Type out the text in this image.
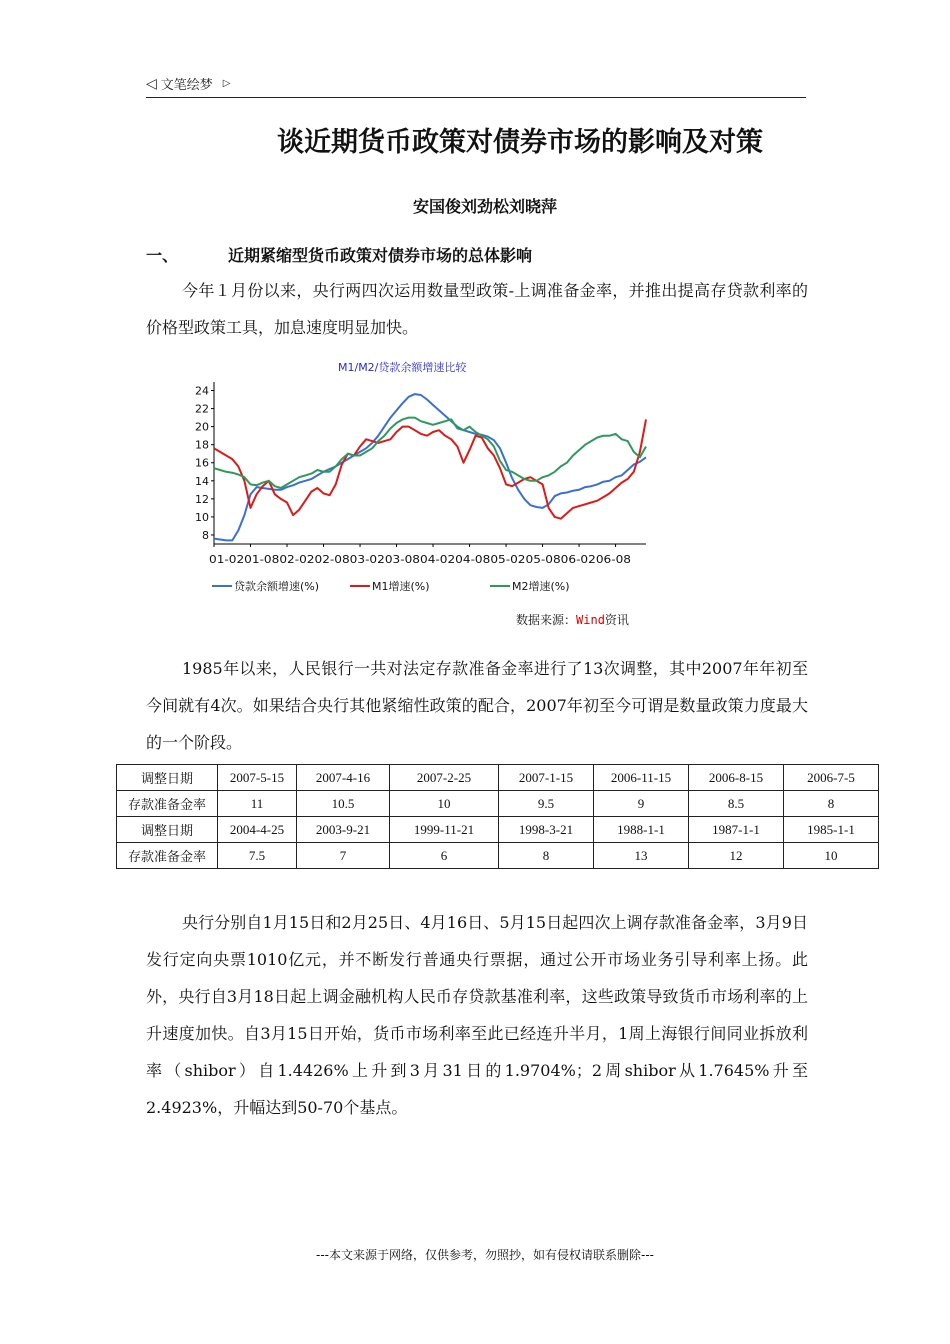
◁ 文笔绘梦 ▷
谈近期货币政策对债券市场的影响及对策
安国俊刘劲松刘晓萍
一、	近期紧缩型货币政策对债券市场的总体影响
今年１月份以来，央行两四次运用数量型政策-上调准备金率，并推出提高存贷款利率的价格型政策工具，加息速度明显加快。
M1/M2/贷款余额增速比较
8
10
12
14
16
18
20
22
24
01-0201-0802-0202-0803-0203-0804-0204-0805-0205-0806-0206-08
贷款余额增速(%)	M1增速(%)	M2增速(%)
数据来源：Wind资讯
1985年以来，人民银行一共对法定存款准备金率进行了13次调整，其中2007年年初至今间就有4次。如果结合央行其他紧缩性政策的配合，2007年初至今可谓是数量政策力度最大的一个阶段。
调整日期	2007-5-15	2007-4-16	2007-2-25	2007-1-15	2006-11-15	2006-8-15	2006-7-5
存款准备金率	11	10.5	10	9.5	9	8.5	8
调整日期	2004-4-25	2003-9-21	1999-11-21	1998-3-21	1988-1-1	1987-1-1	1985-1-1
存款准备金率	7.5	7	6	8	13	12	10
央行分别自1月15日和2月25日、4月16日、5月15日起四次上调存款准备金率，3月9日发行定向央票1010亿元，并不断发行普通央行票据，通过公开市场业务引导利率上扬。此外，央行自3月18日起上调金融机构人民币存贷款基准利率，这些政策导致货币市场利率的上升速度加快。自3月15日开始，货币市场利率至此已经连升半月，1周上海银行间同业拆放利率（shibor）自1.4426%上升到3月31日的1.9704%；2周shibor从1.7645%升至2.4923%，升幅达到50-70个基点。
---本文来源于网络，仅供参考，勿照抄，如有侵权请联系删除---
